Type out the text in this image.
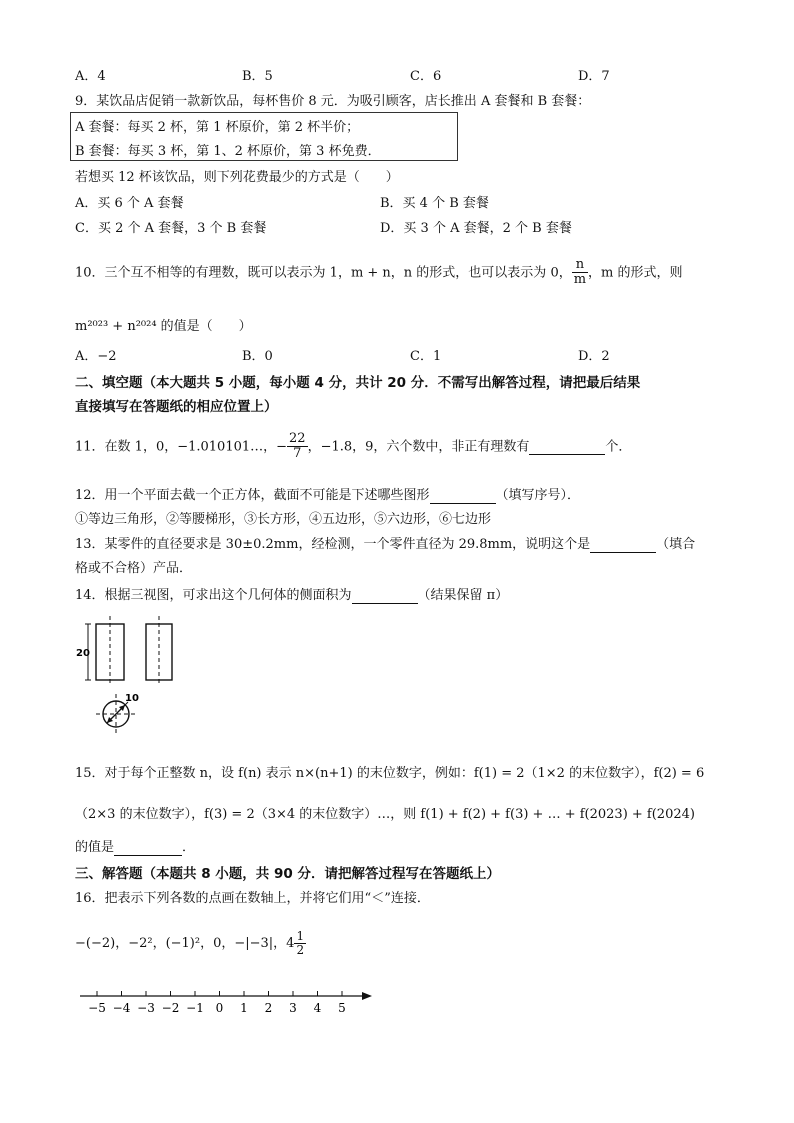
A．4	B．5	C．6	D．7
9．某饮品店促销一款新饮品，每杯售价 8 元．为吸引顾客，店长推出 A 套餐和 B 套餐：
A 套餐：每买 2 杯，第 1 杯原价，第 2 杯半价；
B 套餐：每买 3 杯，第 1、2 杯原价，第 3 杯免费．
若想买 12 杯该饮品，则下列花费最少的方式是（　　）
A．买 6 个 A 套餐	B．买 4 个 B 套餐
C．买 2 个 A 套餐，3 个 B 套餐	D．买 3 个 A 套餐，2 个 B 套餐
10．三个互不相等的有理数，既可以表示为 1，m + n，n 的形式，也可以表示为 0， $\frac{n}{m}$ ，m 的形式，则
m²⁰²³ + n²⁰²⁴ 的值是（　　）
A．−2	B．0	C．1	D．2
二、填空题（本大题共 5 小题，每小题 4 分，共计 20 分．不需写出解答过程，请把最后结果
直接填写在答题纸的相应位置上）
11．在数 1，0，−1.010101…，− $\frac{22}{7}$ ，−1.8，9，六个数中，非正有理数有	个．
12．用一个平面去截一个正方体，截面不可能是下述哪些图形	（填写序号）．
①等边三角形，②等腰梯形，③长方形，④五边形，⑤六边形，⑥七边形
13．某零件的直径要求是 30±0.2mm，经检测，一个零件直径为 29.8mm，说明这个是	（填合
格或不合格）产品．
14．根据三视图，可求出这个几何体的侧面积为	（结果保留 π）
20
10
15．对于每个正整数 n，设 f(n) 表示 n×(n+1) 的末位数字，例如：f(1) = 2（1×2 的末位数字），f(2) = 6
（2×3 的末位数字），f(3) = 2（3×4 的末位数字）…，则 f(1) + f(2) + f(3) + … + f(2023) + f(2024)
的值是	．
三、解答题（本题共 8 小题，共 90 分．请把解答过程写在答题纸上）
16．把表示下列各数的点画在数轴上，并将它们用“＜”连接．
−(−2)，−2²，(−1)²，0，−|−3|，$4 \frac{1}{2}$
−5 −4 −3 −2 −1 0 1 2 3 4 5
